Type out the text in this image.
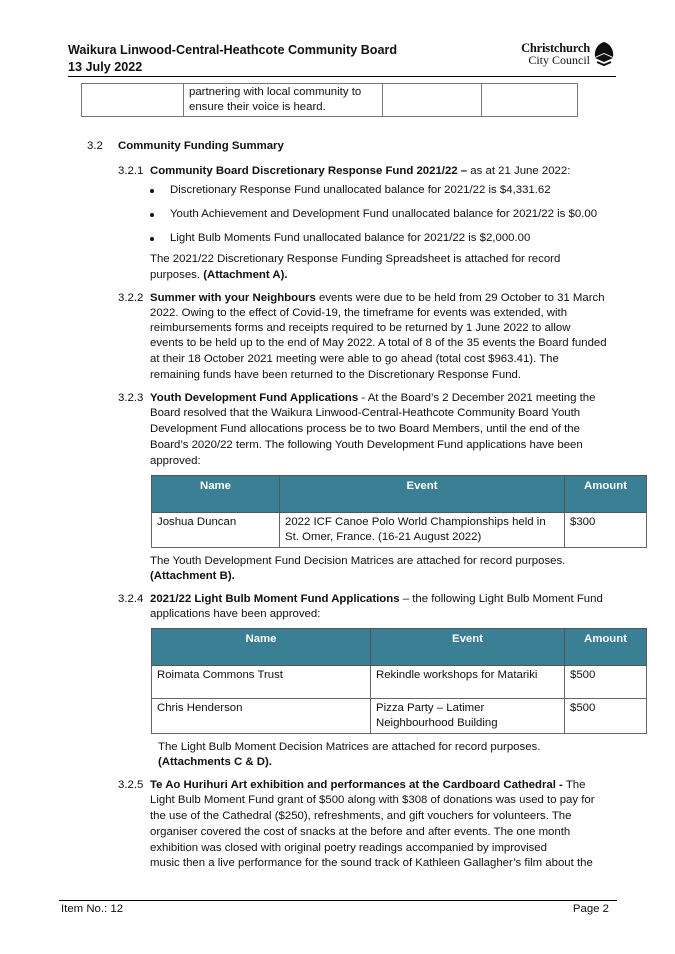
Waikura Linwood-Central-Heathcote Community Board
13 July 2022
Christchurch
City Council
	partnering with local community to ensure their voice is heard.		
3.2 Community Funding Summary
3.2.1 Community Board Discretionary Response Fund 2021/22 – as at 21 June 2022:
Discretionary Response Fund unallocated balance for 2021/22 is $4,331.62
Youth Achievement and Development Fund unallocated balance for 2021/22 is $0.00
Light Bulb Moments Fund unallocated balance for 2021/22 is $2,000.00
The 2021/22 Discretionary Response Funding Spreadsheet is attached for record
purposes. (Attachment A).
3.2.2 Summer with your Neighbours events were due to be held from 29 October to 31 March
2022. Owing to the effect of Covid-19, the timeframe for events was extended, with
reimbursements forms and receipts required to be returned by 1 June 2022 to allow
events to be held up to the end of May 2022. A total of 8 of the 35 events the Board funded
at their 18 October 2021 meeting were able to go ahead (total cost $963.41). The
remaining funds have been returned to the Discretionary Response Fund.
3.2.3 Youth Development Fund Applications - At the Board’s 2 December 2021 meeting the
Board resolved that the Waikura Linwood-Central-Heathcote Community Board Youth
Development Fund allocations process be to two Board Members, until the end of the
Board’s 2020/22 term. The following Youth Development Fund applications have been
approved:
Name	Event	Amount
Joshua Duncan	2022 ICF Canoe Polo World Championships held in St. Omer, France. (16-21 August 2022)	$300
The Youth Development Fund Decision Matrices are attached for record purposes.
(Attachment B).
3.2.4 2021/22 Light Bulb Moment Fund Applications – the following Light Bulb Moment Fund
applications have been approved:
Name	Event	Amount
Roimata Commons Trust	Rekindle workshops for Matariki	$500
Chris Henderson	Pizza Party – Latimer Neighbourhood Building	$500
The Light Bulb Moment Decision Matrices are attached for record purposes.
(Attachments C & D).
3.2.5 Te Ao Hurihuri Art exhibition and performances at the Cardboard Cathedral - The
Light Bulb Moment Fund grant of $500 along with $308 of donations was used to pay for
the use of the Cathedral ($250), refreshments, and gift vouchers for volunteers. The
organiser covered the cost of snacks at the before and after events. The one month
exhibition was closed with original poetry readings accompanied by improvised
music then a live performance for the sound track of Kathleen Gallagher’s film about the
Item No.: 12	Page 2
